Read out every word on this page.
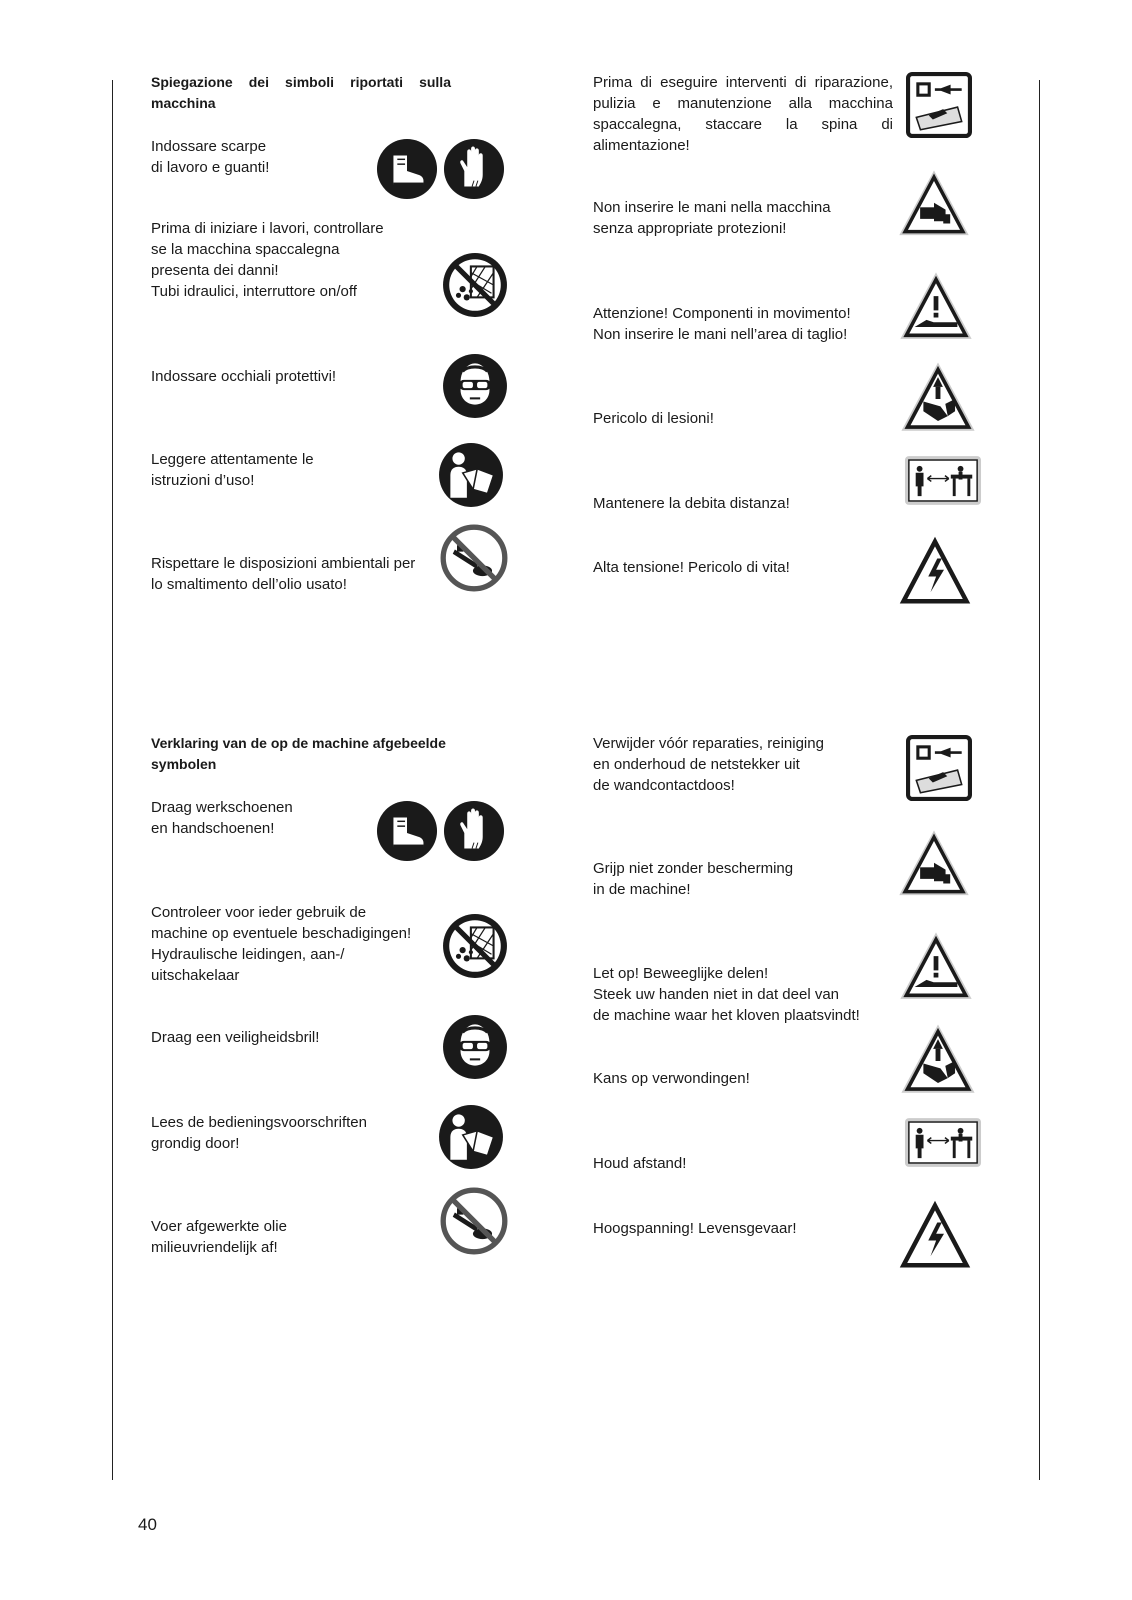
Spiegazione dei simboli riportati sulla macchina
Indossare scarpe
di lavoro e guanti!
Prima di iniziare i lavori, controllare
se la macchina spaccalegna
presenta dei danni!
Tubi idraulici, interruttore on/off
Indossare occhiali protettivi!
Leggere attentamente le
istruzioni d’uso!
Rispettare le disposizioni ambientali per
lo smaltimento dell’olio usato!
Prima di eseguire interventi di riparazione, pulizia e manutenzione alla macchina spaccalegna, staccare la spina di alimentazione!
Non inserire le mani nella macchina
senza appropriate protezioni!
Attenzione! Componenti in movimento!
Non inserire le mani nell’area di taglio!
Pericolo di lesioni!
Mantenere la debita distanza!
Alta tensione! Pericolo di vita!
Verklaring van de op de machine afgebeelde symbolen
Draag werkschoenen
en handschoenen!
Controleer voor ieder gebruik de
machine op eventuele beschadigingen!
Hydraulische leidingen, aan-/
uitschakelaar
Draag een veiligheidsbril!
Lees de bedieningsvoorschriften
grondig door!
Voer afgewerkte olie
milieuvriendelijk af!
Verwijder vóór reparaties, reiniging
en onderhoud de netstekker uit
de wandcontactdoos!
Grijp niet zonder bescherming
in de machine!
Let op! Beweeglijke delen!
Steek uw handen niet in dat deel van
de machine waar het kloven plaatsvindt!
Kans op verwondingen!
Houd afstand!
Hoogspanning! Levensgevaar!
40
